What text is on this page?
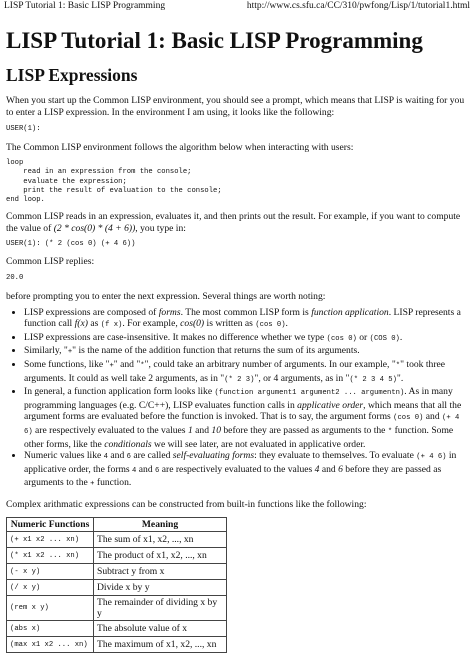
LISP Tutorial 1: Basic LISP Programming	http://www.cs.sfu.ca/CC/310/pwfong/Lisp/1/tutorial1.html
LISP Tutorial 1: Basic LISP Programming
LISP Expressions

When you start up the Common LISP environment, you should see a prompt, which means that LISP is waiting for you to enter a LISP expression. In the environment I am using, it looks like the following:

USER(1):

The Common LISP environment follows the algorithm below when interacting with users:

loop
read in an expression from the console;
evaluate the expression;
print the result of evaluation to the console;
end loop.

Common LISP reads in an expression, evaluates it, and then prints out the result. For example, if you want to compute the value of (2 * cos(0) * (4 + 6)), you type in:

USER(1): (* 2 (cos 0) (+ 4 6))

Common LISP replies:

20.0

before prompting you to enter the next expression. Several things are worth noting:

• LISP expressions are composed of forms. The most common LISP form is function application. LISP represents a function call f(x) as (f x). For example, cos(0) is written as (cos 0).
• LISP expressions are case-insensitive. It makes no difference whether we type (cos 0) or (COS 0).
• Similarly, "+" is the name of the addition function that returns the sum of its arguments.
• Some functions, like "+" and "*", could take an arbitrary number of arguments. In our example, "*" took three arguments. It could as well take 2 arguments, as in "(* 2 3)", or 4 arguments, as in "(* 2 3 4 5)".
• In general, a function application form looks like (function argument1 argument2 ... argumentn). As in many programming languages (e.g. C/C++), LISP evaluates function calls in applicative order, which means that all the argument forms are evaluated before the function is invoked. That is to say, the argument forms (cos 0) and (+ 4 6) are respectively evaluated to the values 1 and 10 before they are passed as arguments to the * function. Some other forms, like the conditionals we will see later, are not evaluated in applicative order.
• Numeric values like 4 and 6 are called self-evaluating forms: they evaluate to themselves. To evaluate (+ 4 6) in applicative order, the forms 4 and 6 are respectively evaluated to the values 4 and 6 before they are passed as arguments to the + function.

Complex arithmatic expressions can be constructed from built-in functions like the following:

Numeric Functions	Meaning
(+ x1 x2 ... xn)	The sum of x1, x2, ..., xn
(* x1 x2 ... xn)	The product of x1, x2, ..., xn
(- x y)	Subtract y from x
(/ x y)	Divide x by y
(rem x y)	The remainder of dividing x by y
(abs x)	The absolute value of x
(max x1 x2 ... xn)	The maximum of x1, x2, ..., xn
